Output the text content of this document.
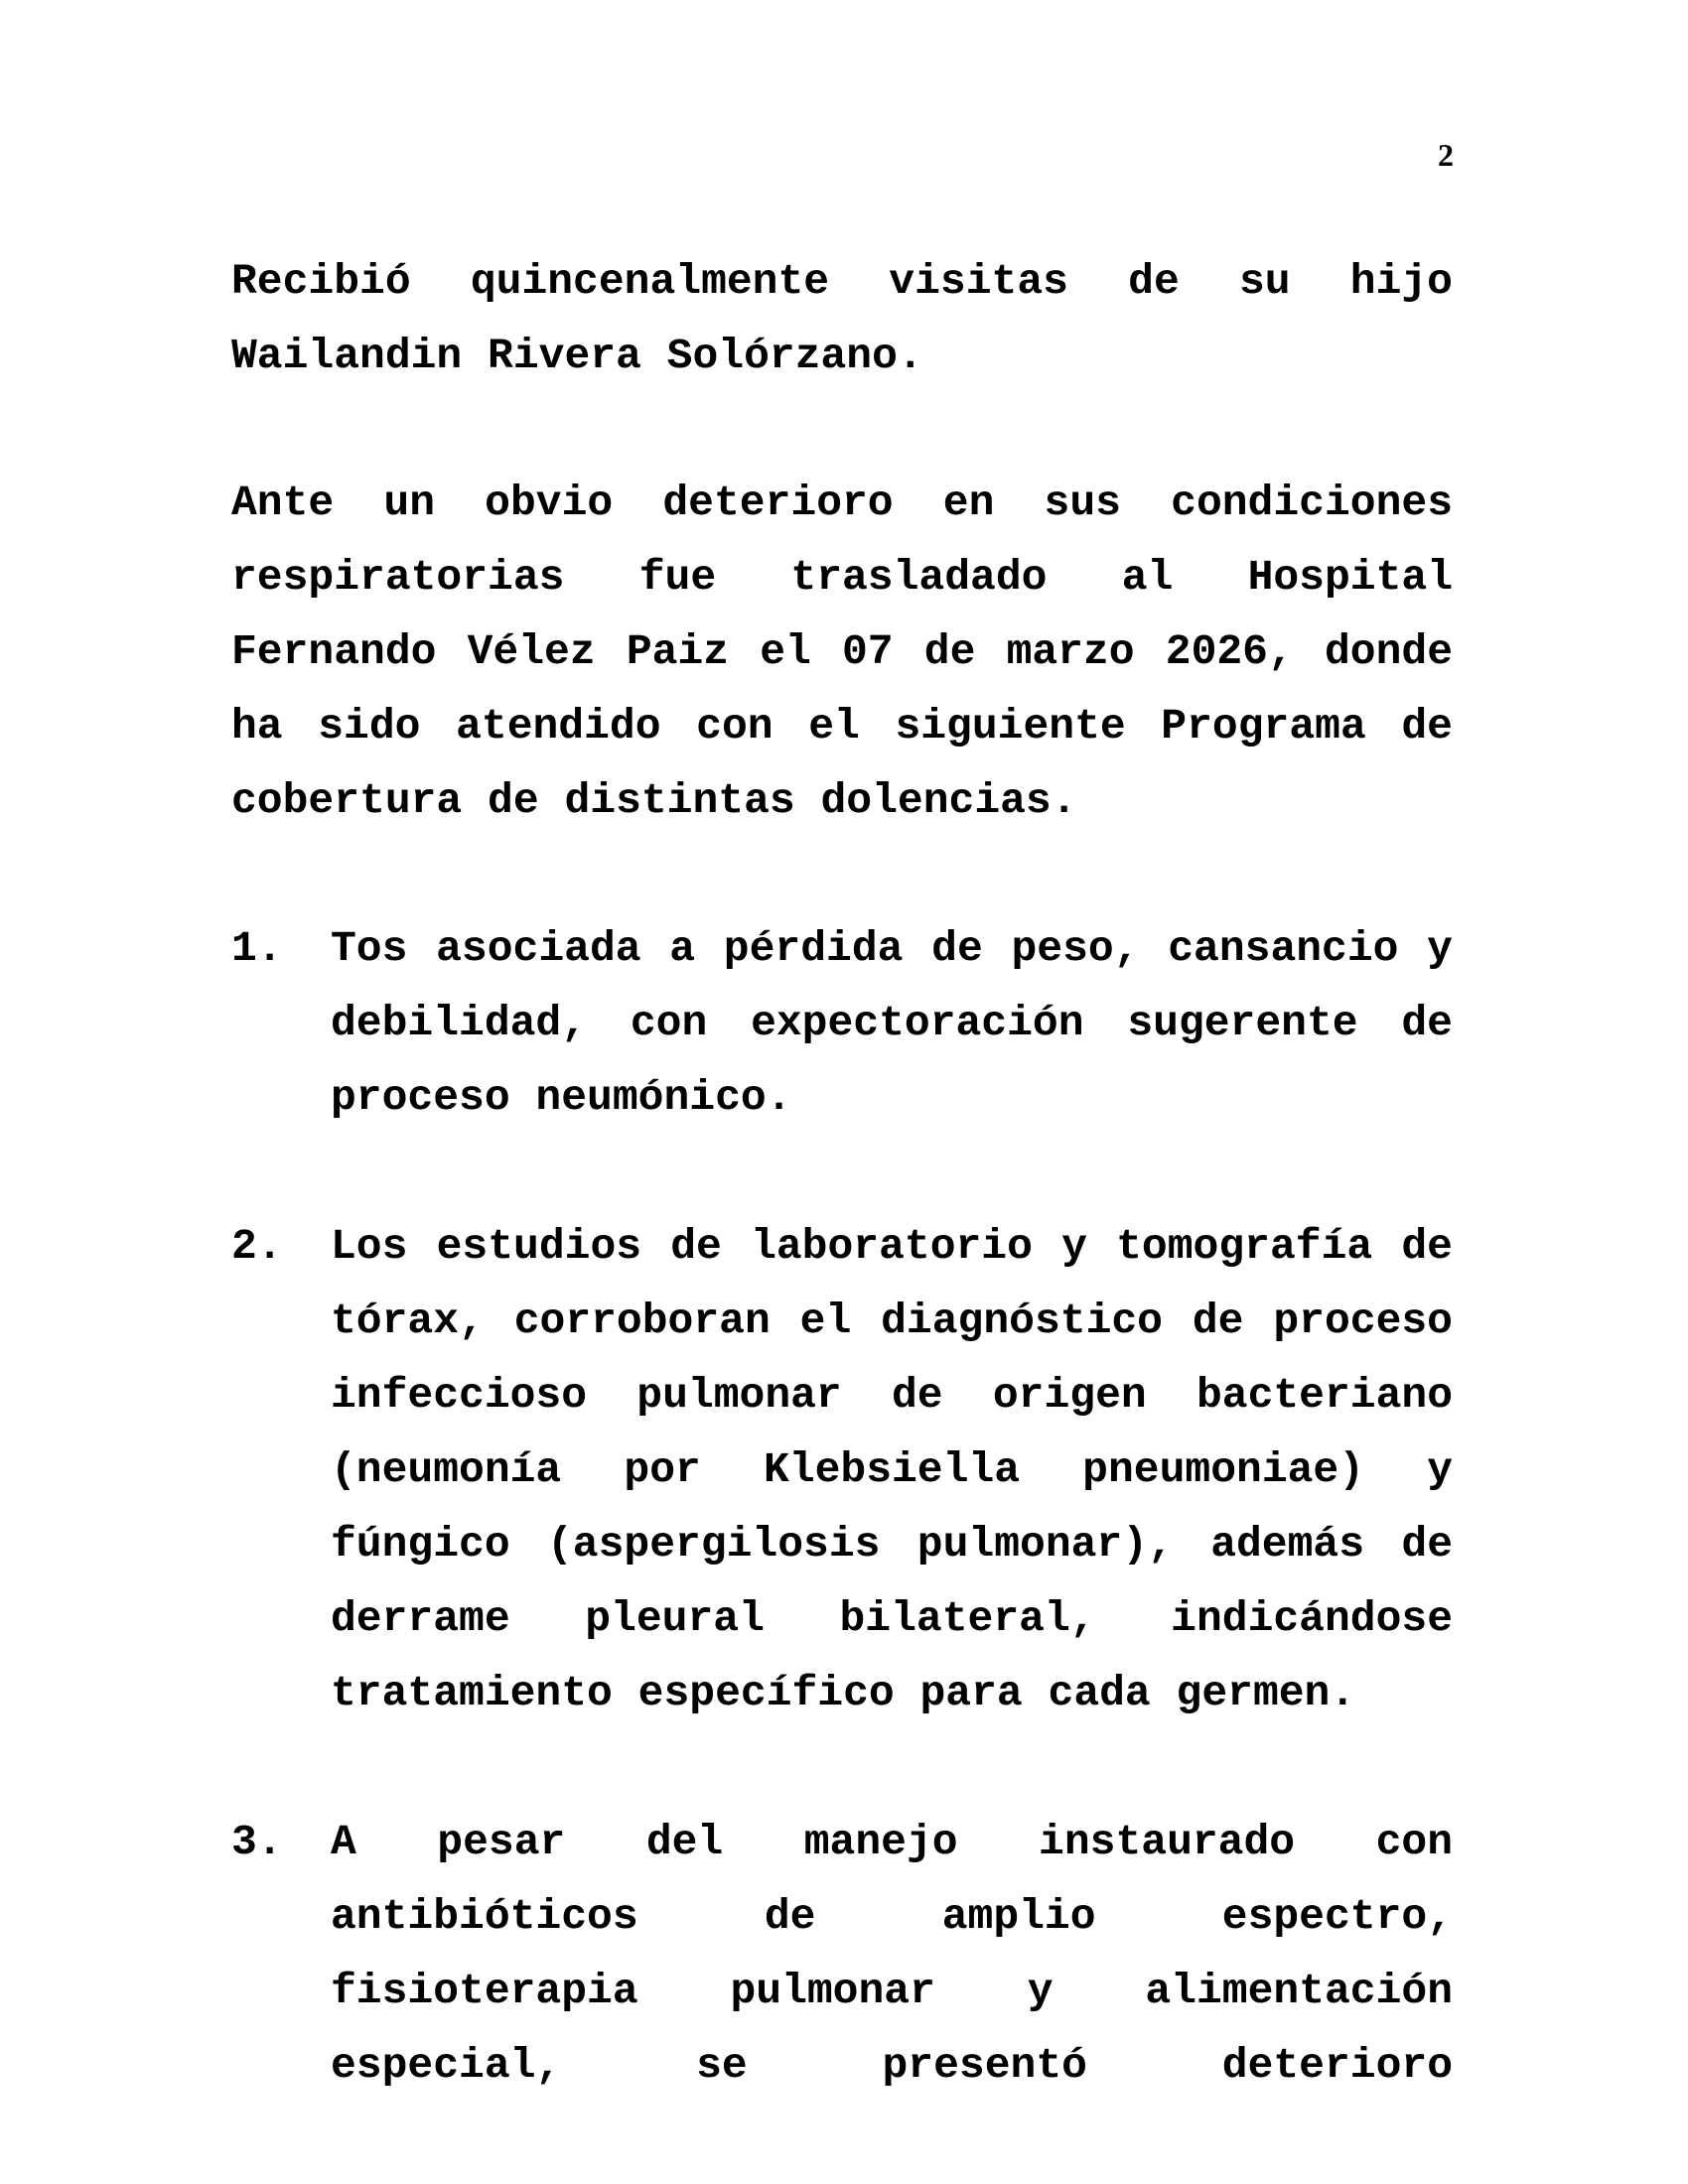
2

Recibió quincenalmente visitas de su hijo Wailandin Rivera Solórzano.

Ante un obvio deterioro en sus condiciones respiratorias fue trasladado al Hospital Fernando Vélez Paiz el 07 de marzo 2026, donde ha sido atendido con el siguiente Programa de cobertura de distintas dolencias.

1.	Tos asociada a pérdida de peso, cansancio y debilidad, con expectoración sugerente de proceso neumónico.
2.	Los estudios de laboratorio y tomografía de tórax, corroboran el diagnóstico de proceso infeccioso pulmonar de origen bacteriano (neumonía por Klebsiella pneumoniae) y fúngico (aspergilosis pulmonar), además de derrame pleural bilateral, indicándose tratamiento específico para cada germen.
3.	A pesar del manejo instaurado con antibióticos de amplio espectro, fisioterapia pulmonar y alimentación especial, se presentó deterioro
